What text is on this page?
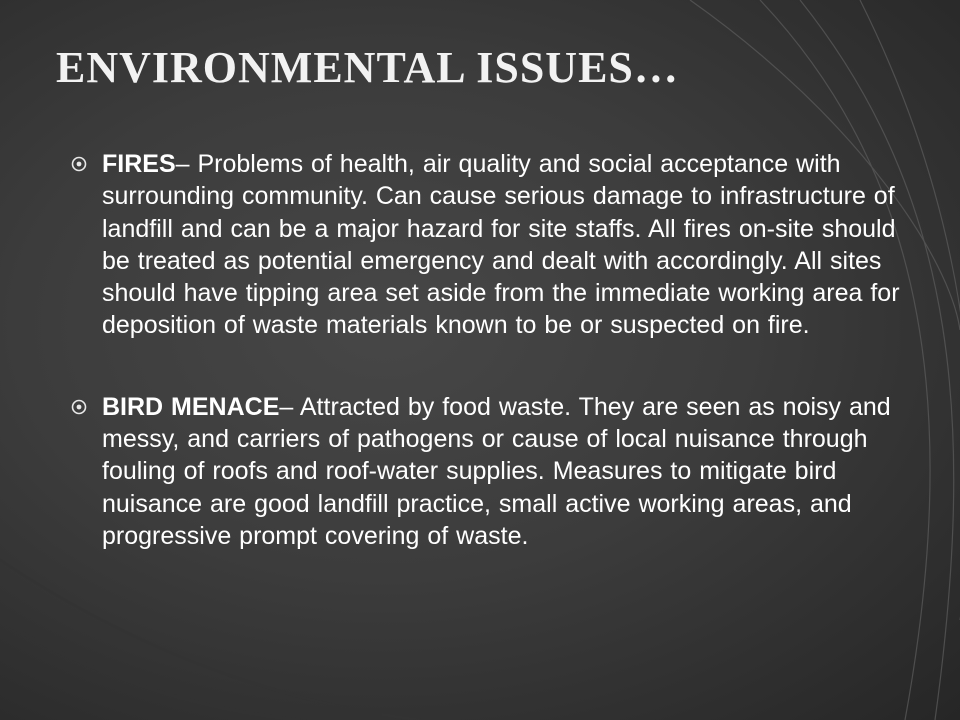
ENVIRONMENTAL ISSUES…
FIRES– Problems of health, air quality and social acceptance with surrounding community. Can cause serious damage to infrastructure of landfill and can be a major hazard for site staffs. All fires on-site should be treated as potential emergency and dealt with accordingly. All sites should have tipping area set aside from the immediate working area for deposition of waste materials known to be or suspected on fire.
BIRD MENACE– Attracted by food waste. They are seen as noisy and messy, and carriers of pathogens or cause of local nuisance through fouling of roofs and roof-water supplies. Measures to mitigate bird nuisance are good landfill practice, small active working areas, and progressive prompt covering of waste.
